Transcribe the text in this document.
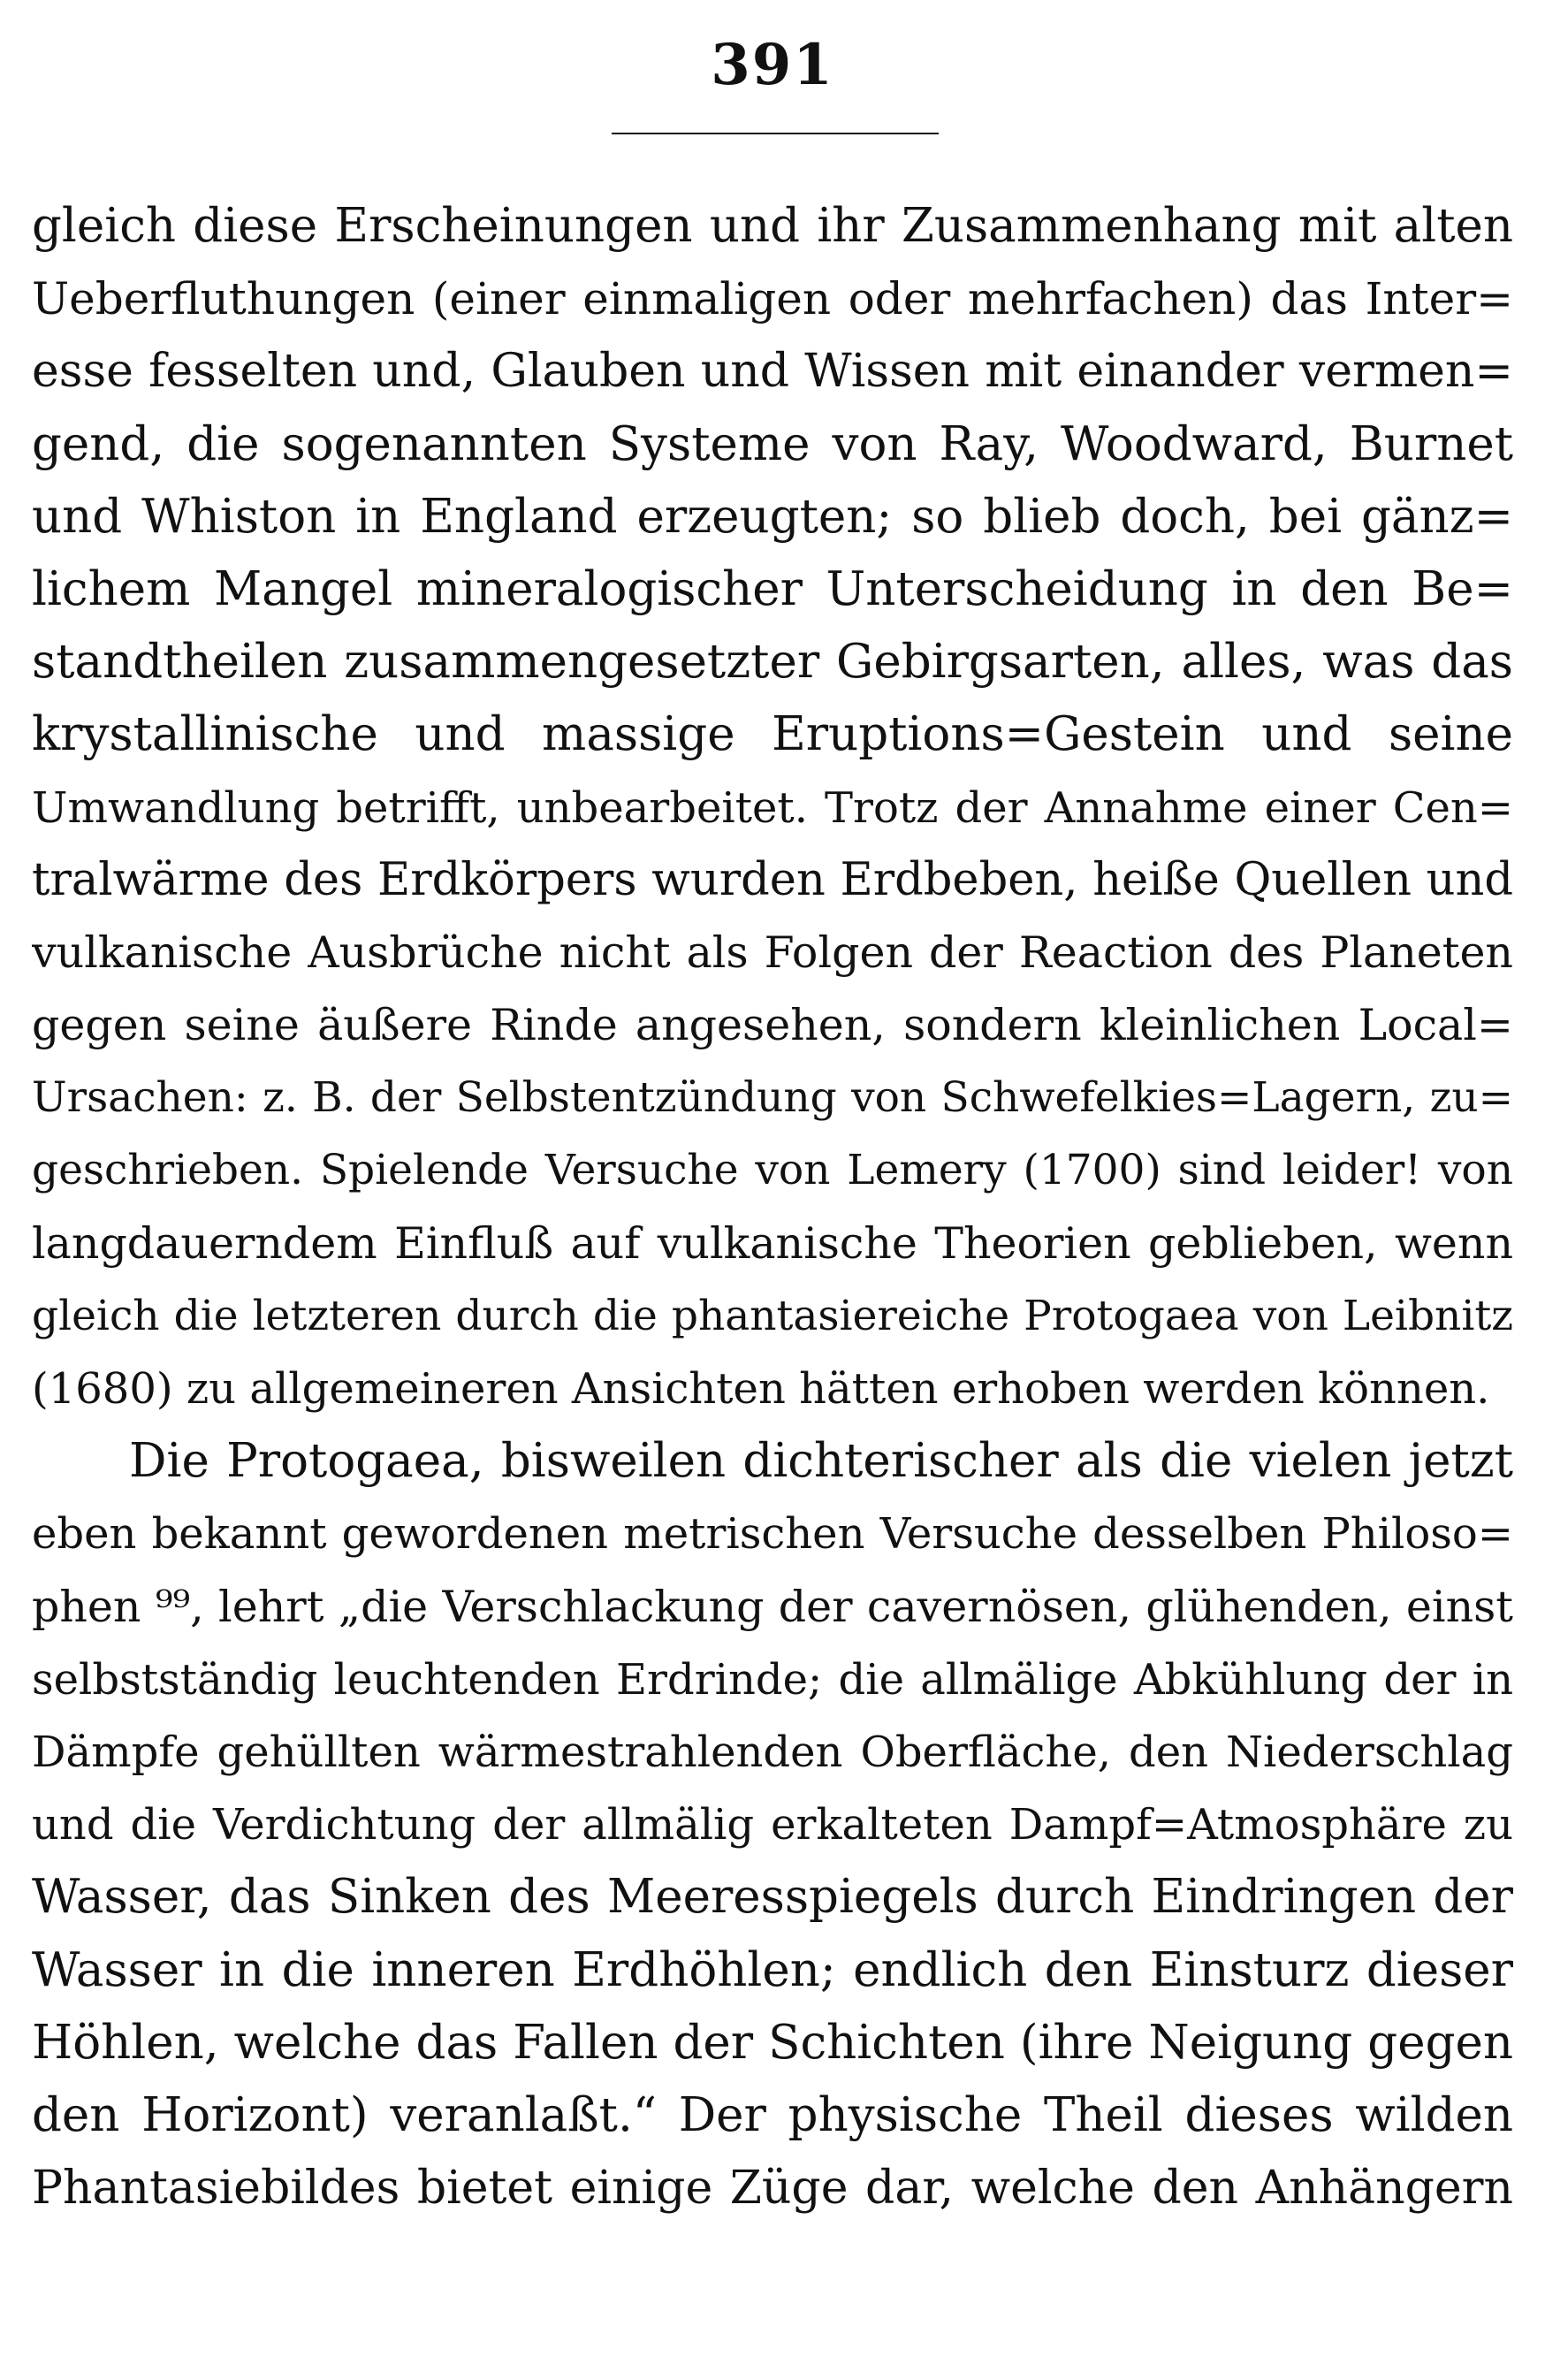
391
gleich diese Erscheinungen und ihr Zusammenhang mit alten
Ueberfluthungen (einer einmaligen oder mehrfachen) das Inter=
esse fesselten und, Glauben und Wissen mit einander vermen=
gend, die sogenannten Systeme von Ray, Woodward, Burnet
und Whiston in England erzeugten; so blieb doch, bei gänz=
lichem Mangel mineralogischer Unterscheidung in den Be=
standtheilen zusammengesetzter Gebirgsarten, alles, was das
krystallinische und massige Eruptions=Gestein und seine
Umwandlung betrifft, unbearbeitet. Trotz der Annahme einer Cen=
tralwärme des Erdkörpers wurden Erdbeben, heiße Quellen und
vulkanische Ausbrüche nicht als Folgen der Reaction des Planeten
gegen seine äußere Rinde angesehen, sondern kleinlichen Local=
Ursachen: z. B. der Selbstentzündung von Schwefelkies=Lagern, zu=
geschrieben. Spielende Versuche von Lemery (1700) sind leider! von
langdauerndem Einfluß auf vulkanische Theorien geblieben, wenn
gleich die letzteren durch die phantasiereiche Protogaea von Leibnitz
(1680) zu allgemeineren Ansichten hätten erhoben werden können.
Die Protogaea, bisweilen dichterischer als die vielen jetzt
eben bekannt gewordenen metrischen Versuche desselben Philoso=
phen ⁹⁹, lehrt „die Verschlackung der cavernösen, glühenden, einst
selbstständig leuchtenden Erdrinde; die allmälige Abkühlung der in
Dämpfe gehüllten wärmestrahlenden Oberfläche, den Niederschlag
und die Verdichtung der allmälig erkalteten Dampf=Atmosphäre zu
Wasser, das Sinken des Meeresspiegels durch Eindringen der
Wasser in die inneren Erdhöhlen; endlich den Einsturz dieser
Höhlen, welche das Fallen der Schichten (ihre Neigung gegen
den Horizont) veranlaßt.“ Der physische Theil dieses wilden
Phantasiebildes bietet einige Züge dar, welche den Anhängern
